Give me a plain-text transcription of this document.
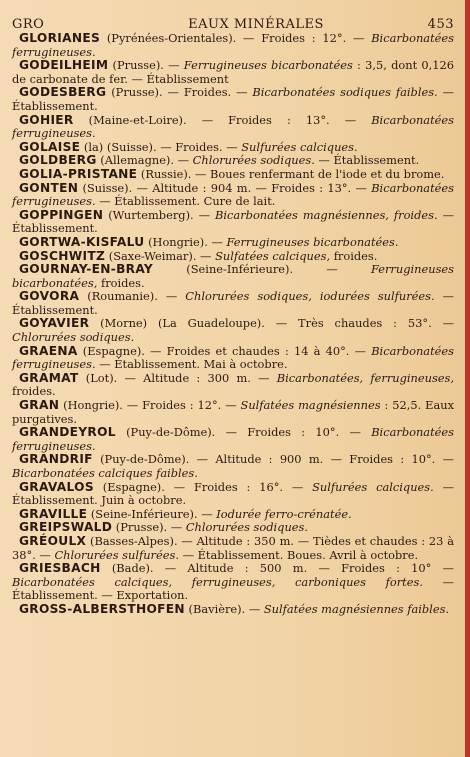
GRO	EAUX MINÉRALES	453

GLORIANES (Pyrénées-Orientales). — Froides : 12°. — Bicarbonatées ferrugineuses.

GODEILHEIM (Prusse). — Ferrugineuses bicarbonatées : 3,5, dont 0,126 de carbonate de fer. — Établissement

GODESBERG (Prusse). — Froides. — Bicarbonatées sodiques faibles. — Établissement.

GOHIER (Maine-et-Loire). — Froides : 13°. — Bicarbonatées ferrugineuses.

GOLAISE (la) (Suisse). — Froides. — Sulfurées calciques.

GOLDBERG (Allemagne). — Chlorurées sodiques. — Établissement.

GOLIA-PRISTANE (Russie). — Boues renfermant de l'iode et du brome.

GONTEN (Suisse). — Altitude : 904 m. — Froides : 13°. — Bicarbonatées ferrugineuses. — Établissement. Cure de lait.

GOPPINGEN (Wurtemberg). — Bicarbonatées magnésiennes, froides. — Établissement.

GORTWA-KISFALU (Hongrie). — Ferrugineuses bicarbonatées.

GOSCHWITZ (Saxe-Weimar). — Sulfatées calciques, froides.

GOURNAY-EN-BRAY (Seine-Inférieure). — Ferrugineuses bicarbonatées, froides.

GOVORA (Roumanie). — Chlorurées sodiques, iodurées sulfurées. — Établissement.

GOYAVIER (Morne) (La Guadeloupe). — Très chaudes : 53°. — Chlorurées sodiques.

GRAENA (Espagne). — Froides et chaudes : 14 à 40°. — Bicarbonatées ferrugineuses. — Établissement. Mai à octobre.

GRAMAT (Lot). — Altitude : 300 m. — Bicarbonatées, ferrugineuses, froides.

GRAN (Hongrie). — Froides : 12°. — Sulfatées magnésiennes : 52,5. Eaux purgatives.

GRANDEYROL (Puy-de-Dôme). — Froides : 10°. — Bicarbonatées ferrugineuses.

GRANDRIF (Puy-de-Dôme). — Altitude : 900 m. — Froides : 10°. — Bicarbonatées calciques faibles.

GRAVALOS (Espagne). — Froides : 16°. — Sulfurées calciques. — Établissement. Juin à octobre.

GRAVILLE (Seine-Inférieure). — Iodurée ferro-crénatée.

GREIPSWALD (Prusse). — Chlorurées sodiques.

GRÉOULX (Basses-Alpes). — Altitude : 350 m. — Tièdes et chaudes : 23 à 38°. — Chlorurées sulfurées. — Établissement. Boues. Avril à octobre.

GRIESBACH (Bade). — Altitude : 500 m. — Froides : 10° — Bicarbonatées calciques, ferrugineuses, carboniques fortes. — Établissement. — Exportation.

GROSS-ALBERSTHOFEN (Bavière). — Sulfatées magnésiennes faibles.
